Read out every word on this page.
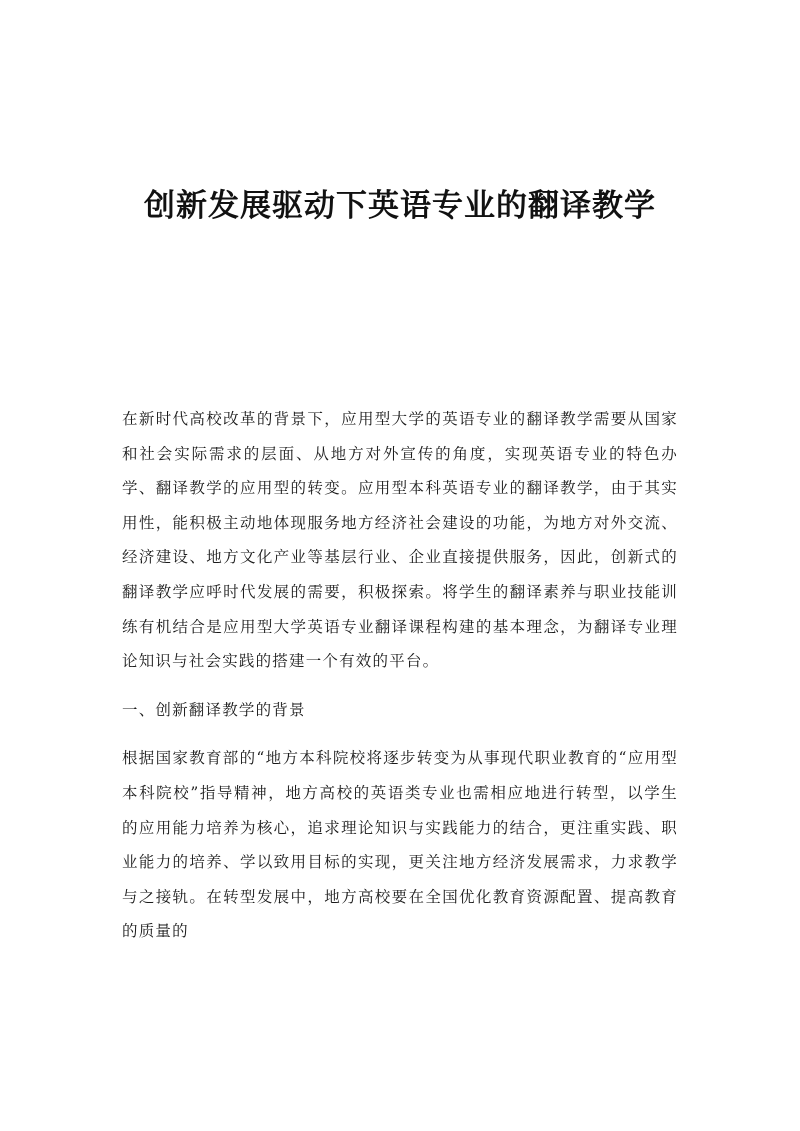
创新发展驱动下英语专业的翻译教学

在新时代高校改革的背景下，应用型大学的英语专业的翻译教学需要从国家和社会实际需求的层面、从地方对外宣传的角度，实现英语专业的特色办学、翻译教学的应用型的转变。应用型本科英语专业的翻译教学，由于其实用性，能积极主动地体现服务地方经济社会建设的功能，为地方对外交流、经济建设、地方文化产业等基层行业、企业直接提供服务，因此，创新式的翻译教学应呼时代发展的需要，积极探索。将学生的翻译素养与职业技能训练有机结合是应用型大学英语专业翻译课程构建的基本理念，为翻译专业理论知识与社会实践的搭建一个有效的平台。

一、创新翻译教学的背景

根据国家教育部的“地方本科院校将逐步转变为从事现代职业教育的“应用型本科院校”指导精神，地方高校的英语类专业也需相应地进行转型，以学生的应用能力培养为核心，追求理论知识与实践能力的结合，更注重实践、职业能力的培养、学以致用目标的实现，更关注地方经济发展需求，力求教学与之接轨。在转型发展中，地方高校要在全国优化教育资源配置、提高教育的质量的
